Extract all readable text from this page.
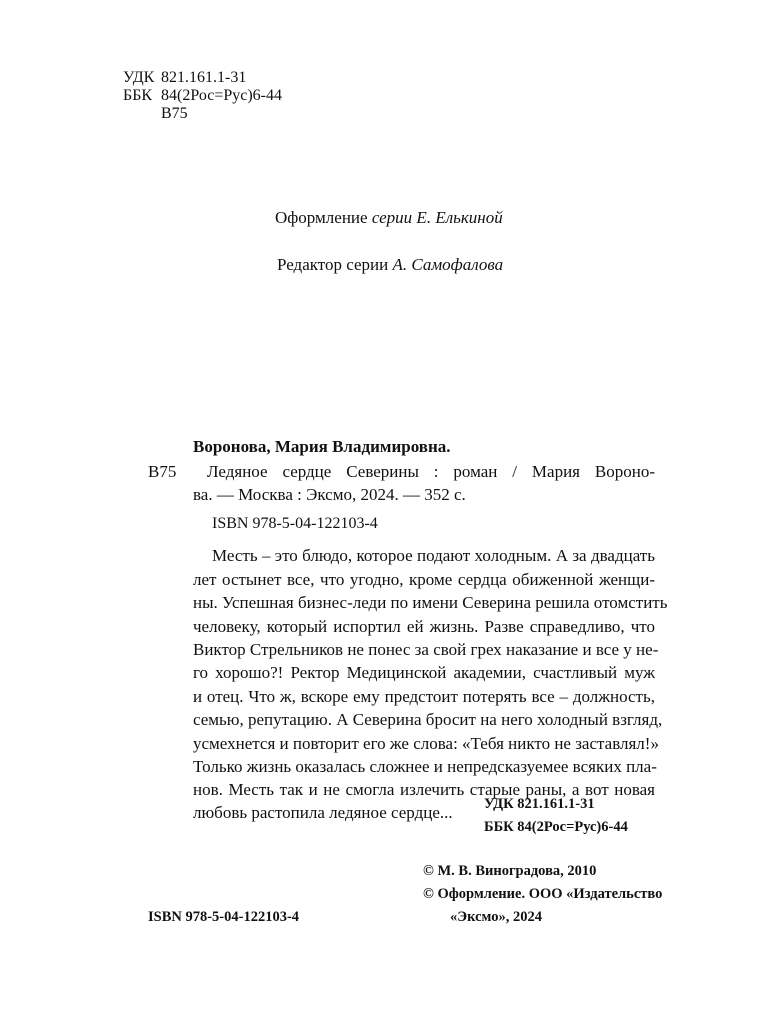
УДК 821.161.1-31
ББК 84(2Рос=Рус)6-44
В75
Оформление серии Е. Елькиной
Редактор серии А. Самофалова
Воронова, Мария Владимировна.
В75 Ледяное сердце Северины : роман / Мария Вороно-
ва. — Москва : Эксмо, 2024. — 352 с.
ISBN 978-5-04-122103-4
Месть – это блюдо, которое подают холодным. А за двадцать
лет остынет все, что угодно, кроме сердца обиженной женщи-
ны. Успешная бизнес-леди по имени Северина решила отомстить
человеку, который испортил ей жизнь. Разве справедливо, что
Виктор Стрельников не понес за свой грех наказание и все у не-
го хорошо?! Ректор Медицинской академии, счастливый муж
и отец. Что ж, вскоре ему предстоит потерять все – должность,
семью, репутацию. А Северина бросит на него холодный взгляд,
усмехнется и повторит его же слова: «Тебя никто не заставлял!»
Только жизнь оказалась сложнее и непредсказуемее всяких пла-
нов. Месть так и не смогла излечить старые раны, а вот новая
любовь растопила ледяное сердце...	УДК 821.161.1-31
ББК 84(2Рос=Рус)6-44
© М. В. Виноградова, 2010
© Оформление. ООО «Издательство
«Эксмо», 2024
ISBN 978-5-04-122103-4
